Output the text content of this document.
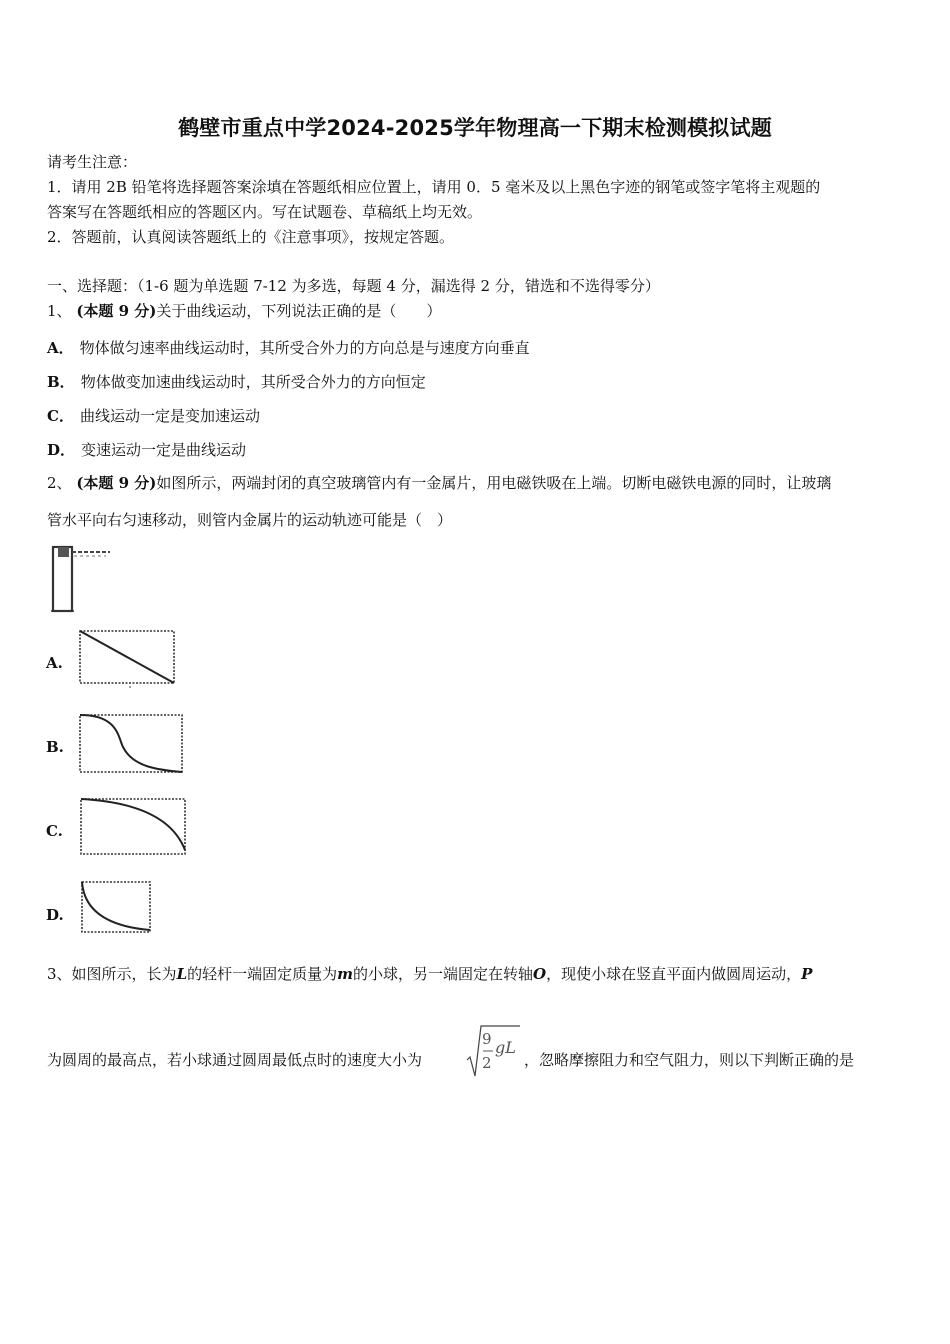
鹤壁市重点中学2024-2025学年物理高一下期末检测模拟试题
请考生注意：
1．请用 2B 铅笔将选择题答案涂填在答题纸相应位置上，请用 0．5 毫米及以上黑色字迹的钢笔或签字笔将主观题的
答案写在答题纸相应的答题区内。写在试题卷、草稿纸上均无效。
2．答题前，认真阅读答题纸上的《注意事项》，按规定答题。
一、选择题：（1-6 题为单选题 7-12 为多选，每题 4 分，漏选得 2 分，错选和不选得零分）
1、 (本题 9 分)关于曲线运动，下列说法正确的是（　　）
A． 物体做匀速率曲线运动时，其所受合外力的方向总是与速度方向垂直
B． 物体做变加速曲线运动时，其所受合外力的方向恒定
C． 曲线运动一定是变加速运动
D． 变速运动一定是曲线运动
2、 (本题 9 分)如图所示，两端封闭的真空玻璃管内有一金属片，用电磁铁吸在上端。切断电磁铁电源的同时，让玻璃
管水平向右匀速移动，则管内金属片的运动轨迹可能是（　）
A.
B.
C.
D.
3、如图所示，长为L的轻杆一端固定质量为m的小球，另一端固定在转轴O，现使小球在竖直平面内做圆周运动，P
为圆周的最高点，若小球通过圆周最低点时的速度大小为
9
2
gL
，忽略摩擦阻力和空气阻力，则以下判断正确的是
